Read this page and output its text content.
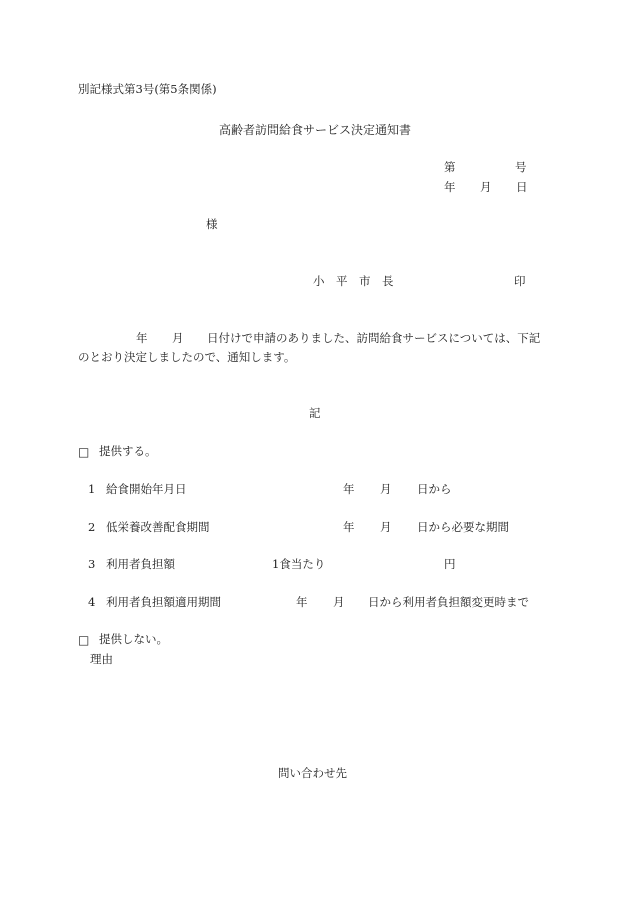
別記様式第3号(第5条関係)
高齢者訪問給食サービス決定通知書
第	号
年 月 日
様
小　平　市　長	印
年 月 日付けで申請のありました、訪問給食サービスについては、下記
のとおり決定しましたので、通知します。
記
□ 提供する。
1 給食開始年月日	年 月 日から
2 低栄養改善配食期間	年 月 日から必要な期間
3 利用者負担額	1食当たり	円
4 利用者負担額適用期間	年 月 日から利用者負担額変更時まで
□ 提供しない。
理由
問い合わせ先
